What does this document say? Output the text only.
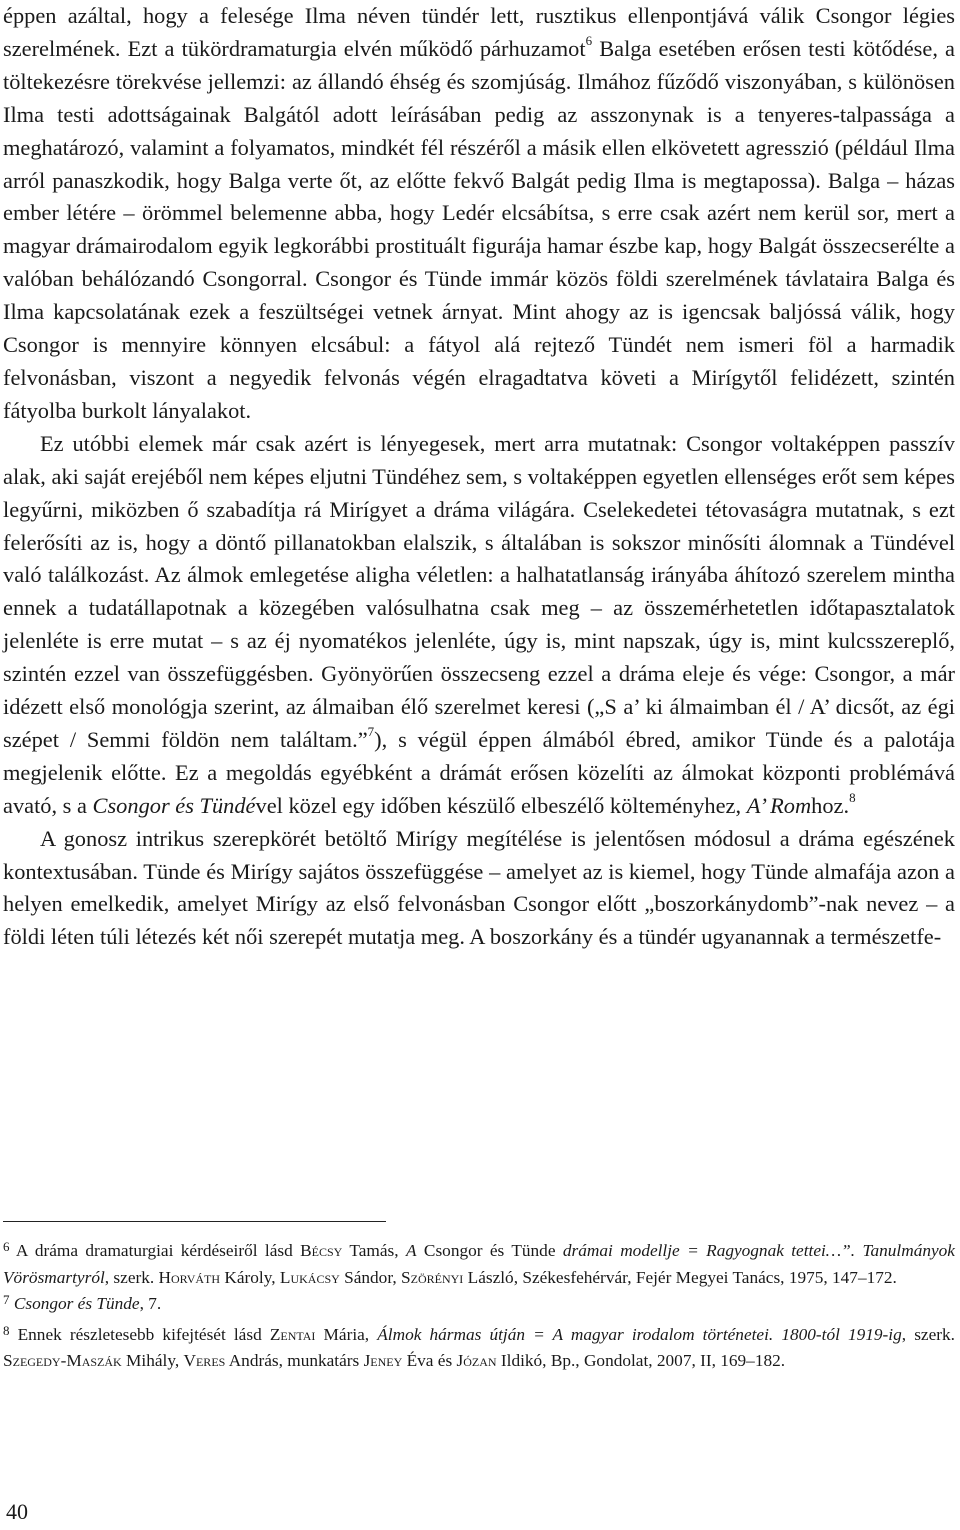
éppen azáltal, hogy a felesége Ilma néven tündér lett, rusztikus ellenpontjává válik Csongor légies szerelmének. Ezt a tükördramaturgia elvén működő párhuzamot$^6$ Balga esetében erősen testi kötődése, a töltekezésre törekvése jellemzi: az állandó éhség és szomjúság. Ilmához fűződő viszonyában, s különösen Ilma testi adottságainak Balgától adott leírásában pedig az asszonynak is a tenyeres-talpassága a meghatározó, valamint a folyamatos, mindkét fél részéről a másik ellen elkövetett agresszió (például Ilma arról panaszkodik, hogy Balga verte őt, az előtte fekvő Balgát pedig Ilma is megtapossa). Balga – házas ember létére – örömmel belemenne abba, hogy Ledér elcsábítsa, s erre csak azért nem kerül sor, mert a magyar drámairodalom egyik legkorábbi prostituált figurája hamar észbe kap, hogy Balgát összecserélte a valóban behálózandó Csongorral. Csongor és Tünde immár közös földi szerelmének távlataira Balga és Ilma kapcsolatának ezek a feszültségei vetnek árnyat. Mint ahogy az is igencsak baljóssá válik, hogy Csongor is mennyire könnyen elcsábul: a fátyol alá rejtező Tündét nem ismeri föl a harmadik felvonásban, viszont a negyedik felvonás végén elragadtatva követi a Mirígytől felidézett, szintén fátyolba burkolt lányalakot.

Ez utóbbi elemek már csak azért is lényegesek, mert arra mutatnak: Csongor voltaképpen passzív alak, aki saját erejéből nem képes eljutni Tündéhez sem, s voltaképpen egyetlen ellenséges erőt sem képes legyűrni, miközben ő szabadítja rá Mirígyet a dráma világára. Cselekedetei tétovaságra mutatnak, s ezt felerősíti az is, hogy a döntő pillanatokban elalszik, s általában is sokszor minősíti álomnak a Tündével való találkozást. Az álmok emlegetése aligha véletlen: a halhatatlanság irányába áhítozó szerelem mintha ennek a tudatállapotnak a közegében valósulhatna csak meg – az összemérhetetlen időtapasztalatok jelenléte is erre mutat – s az éj nyomatékos jelenléte, úgy is, mint napszak, úgy is, mint kulcsszereplő, szintén ezzel van összefüggésben. Gyönyörűen összecseng ezzel a dráma eleje és vége: Csongor, a már idézett első monológja szerint, az álmaiban élő szerelmet keresi („S a’ ki álmaimban él / A’ dicsőt, az égi szépet / Semmi földön nem találtam.”$^7$), s végül éppen álmából ébred, amikor Tünde és a palotája megjelenik előtte. Ez a megoldás egyébként a drámát erősen közelíti az álmokat központi problémává avató, s a Csongor és Tündével közel egy időben készülő elbeszélő költeményhez, A’ Romhoz.$^8$

A gonosz intrikus szerepkörét betöltő Mirígy megítélése is jelentősen módosul a dráma egészének kontextusában. Tünde és Mirígy sajátos összefüggése – amelyet az is kiemel, hogy Tünde almafája azon a helyen emelkedik, amelyet Mirígy az első felvonásban Csongor előtt „boszorkánydomb”-nak nevez – a földi léten túli létezés két női szerepét mutatja meg. A boszorkány és a tündér ugyanannak a természetfe-

$^6$ A dráma dramaturgiai kérdéseiről lásd Bécsy Tamás, A Csongor és Tünde drámai modellje = Ragyognak tettei…”. Tanulmányok Vörösmartyról, szerk. Horváth Károly, Lukácsy Sándor, Szörényi László, Székesfehérvár, Fejér Megyei Tanács, 1975, 147–172.

$^7$ Csongor és Tünde, 7.

$^8$ Ennek részletesebb kifejtését lásd Zentai Mária, Álmok hármas útján = A magyar irodalom történetei. 1800-tól 1919-ig, szerk. Szegedy-Maszák Mihály, Veres András, munkatárs Jeney Éva és Józan Ildikó, Bp., Gondolat, 2007, II, 169–182.

40
